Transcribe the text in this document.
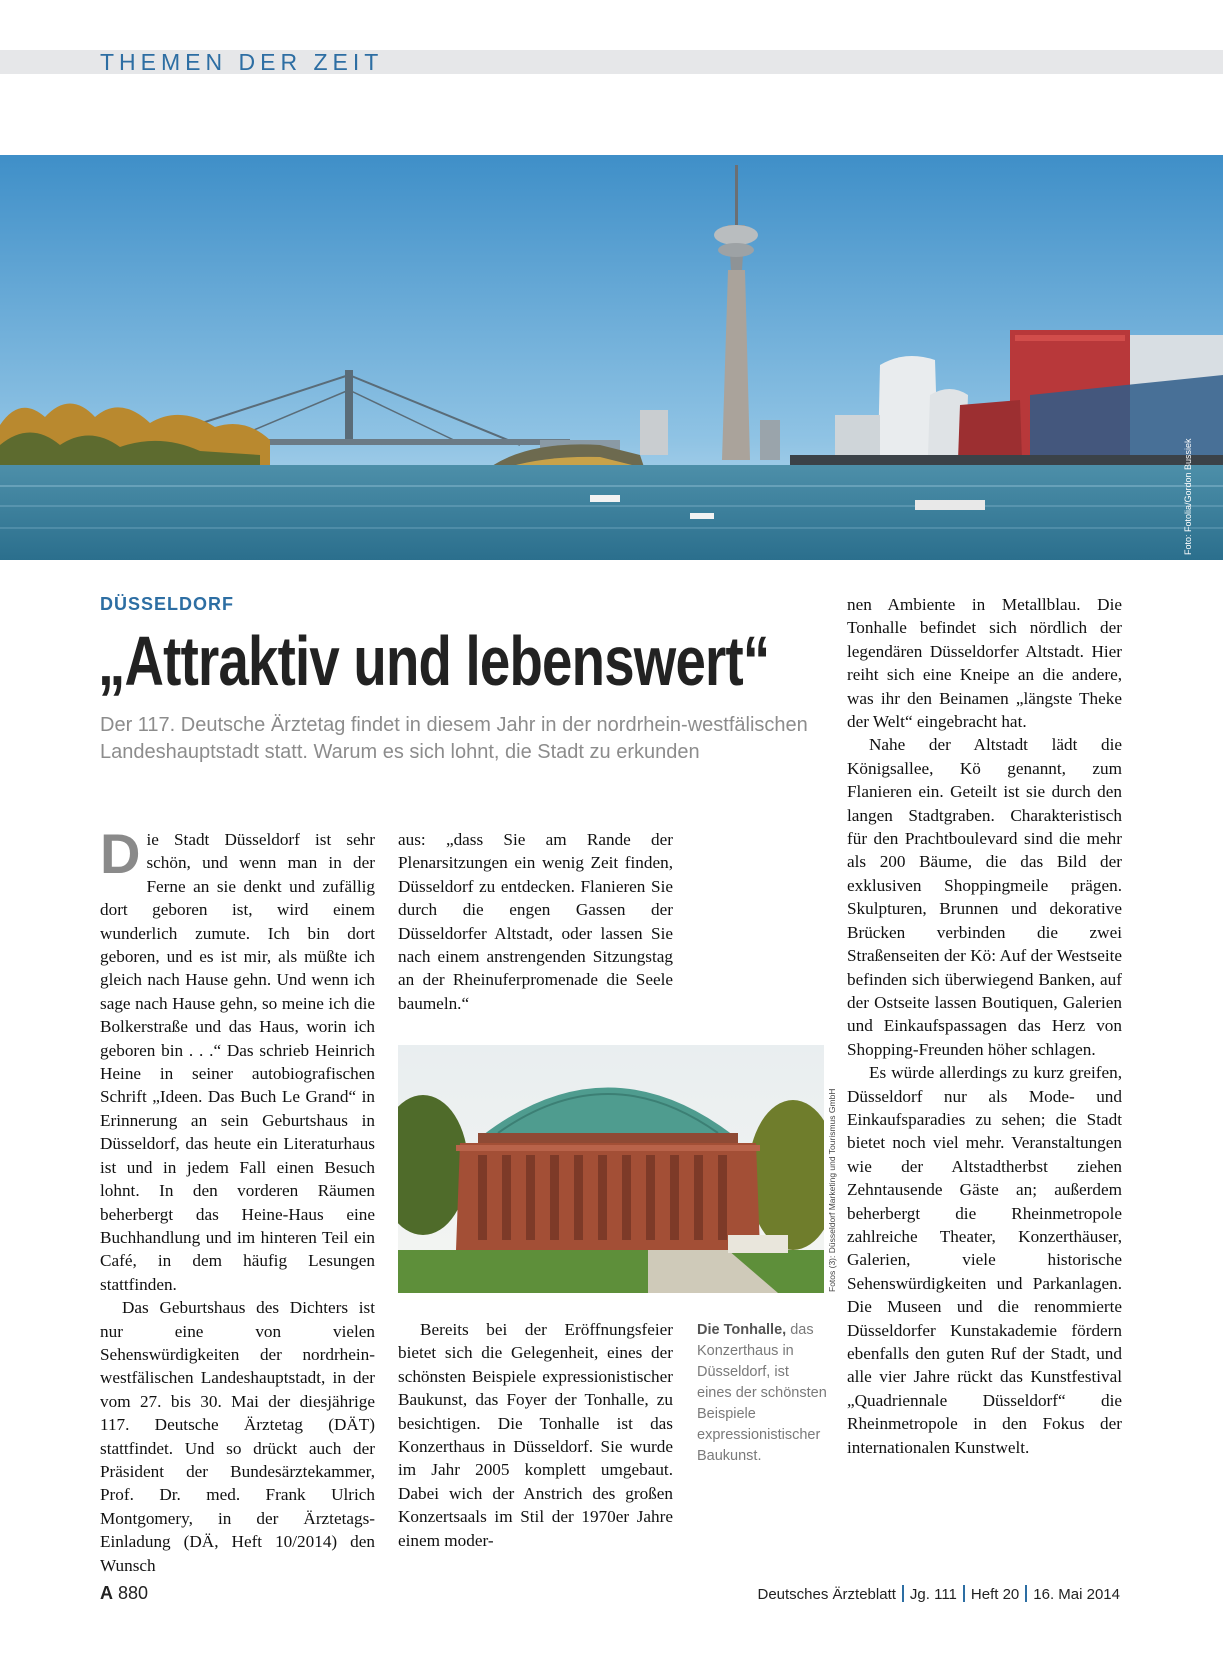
THEMEN DER ZEIT
Foto: Fotolia/Gordon Bussiek
DÜSSELDORF
„Attraktiv und lebenswert“
Der 117. Deutsche Ärztetag findet in diesem Jahr in der nordrhein-westfälischen Landeshauptstadt statt. Warum es sich lohnt, die Stadt zu erkunden

Die Stadt Düsseldorf ist sehr schön, und wenn man in der Ferne an sie denkt und zufällig dort geboren ist, wird einem wunderlich zumute. Ich bin dort geboren, und es ist mir, als müßte ich gleich nach Hause gehn. Und wenn ich sage nach Hause gehn, so meine ich die Bolkerstraße und das Haus, worin ich geboren bin . . .“ Das schrieb Heinrich Heine in seiner autobiografischen Schrift „Ideen. Das Buch Le Grand“ in Erinnerung an sein Geburtshaus in Düsseldorf, das heute ein Literaturhaus ist und in jedem Fall einen Besuch lohnt. In den vorderen Räumen beherbergt das Heine-Haus eine Buchhandlung und im hinteren Teil ein Café, in dem häufig Lesungen stattfinden.

Das Geburtshaus des Dichters ist nur eine von vielen Sehenswürdigkeiten der nordrhein-westfälischen Landeshauptstadt, in der vom 27. bis 30. Mai der diesjährige 117. Deutsche Ärztetag (DÄT) stattfindet. Und so drückt auch der Präsident der Bundesärztekammer, Prof. Dr. med. Frank Ulrich Montgomery, in der Ärztetags-Einladung (DÄ, Heft 10/2014) den Wunsch

aus: „dass Sie am Rande der Plenarsitzungen ein wenig Zeit finden, Düsseldorf zu entdecken. Flanieren Sie durch die engen Gassen der Düsseldorfer Altstadt, oder lassen Sie nach einem anstrengenden Sitzungstag an der Rheinuferpromenade die Seele baumeln.“

Fotos (3): Düsseldorf Marketing und Tourismus GmbH

Bereits bei der Eröffnungsfeier bietet sich die Gelegenheit, eines der schönsten Beispiele expressionistischer Baukunst, das Foyer der Tonhalle, zu besichtigen. Die Tonhalle ist das Konzerthaus in Düsseldorf. Sie wurde im Jahr 2005 komplett umgebaut. Dabei wich der Anstrich des großen Konzertsaals im Stil der 1970er Jahre einem moder-

Die Tonhalle, das Konzerthaus in Düsseldorf, ist eines der schönsten Beispiele expressionistischer Baukunst.

nen Ambiente in Metallblau. Die Tonhalle befindet sich nördlich der legendären Düsseldorfer Altstadt. Hier reiht sich eine Kneipe an die andere, was ihr den Beinamen „längste Theke der Welt“ eingebracht hat.

Nahe der Altstadt lädt die Königsallee, Kö genannt, zum Flanieren ein. Geteilt ist sie durch den langen Stadtgraben. Charakteristisch für den Prachtboulevard sind die mehr als 200 Bäume, die das Bild der exklusiven Shoppingmeile prägen. Skulpturen, Brunnen und dekorative Brücken verbinden die zwei Straßenseiten der Kö: Auf der Westseite befinden sich überwiegend Banken, auf der Ostseite lassen Boutiquen, Galerien und Einkaufspassagen das Herz von Shopping-Freunden höher schlagen.

Es würde allerdings zu kurz greifen, Düsseldorf nur als Mode- und Einkaufsparadies zu sehen; die Stadt bietet noch viel mehr. Veranstaltungen wie der Altstadtherbst ziehen Zehntausende Gäste an; außerdem beherbergt die Rheinmetropole zahlreiche Theater, Konzerthäuser, Galerien, viele historische Sehenswürdigkeiten und Parkanlagen. Die Museen und die renommierte Düsseldorfer Kunstakademie fördern ebenfalls den guten Ruf der Stadt, und alle vier Jahre rückt das Kunstfestival „Quadriennale Düsseldorf“ die Rheinmetropole in den Fokus der internationalen Kunstwelt.

A 880	Deutsches Ärzteblatt Jg. 111 Heft 20 16. Mai 2014
